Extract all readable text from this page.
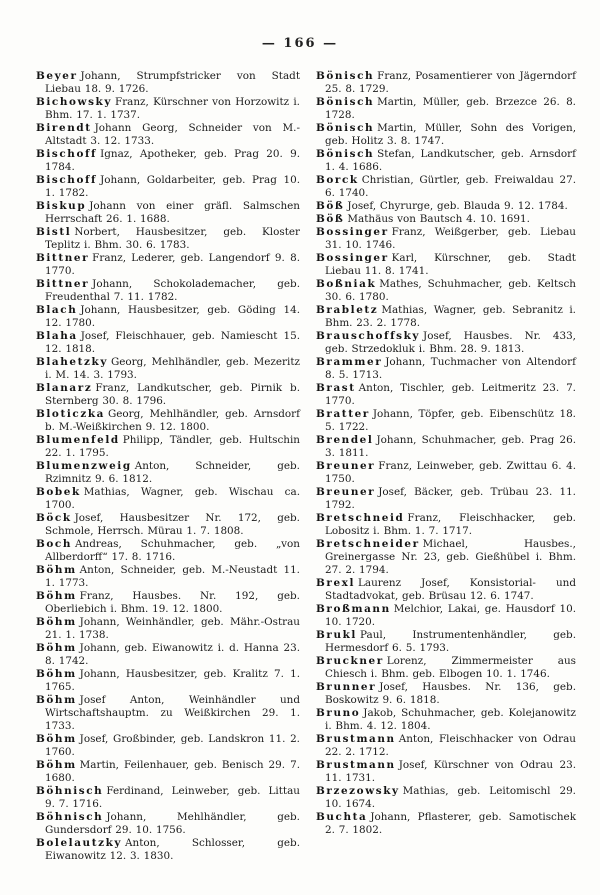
— 166 —

Beyer Johann, Strumpfstricker von Stadt Liebau 18. 9. 1726.

Bichowsky Franz, Kürschner von Horzowitz i. Bhm. 17. 1. 1737.

Birendt Johann Georg, Schneider von M.-Altstadt 3. 12. 1733.

Bischoff Ignaz, Apotheker, geb. Prag 20. 9. 1784.

Bischoff Johann, Goldarbeiter, geb. Prag 10. 1. 1782.

Biskup Johann von einer gräfl. Salmschen Herrschaft 26. 1. 1688.

Bistl Norbert, Hausbesitzer, geb. Kloster Teplitz i. Bhm. 30. 6. 1783.

Bittner Franz, Lederer, geb. Langendorf 9. 8. 1770.

Bittner Johann, Schokolademacher, geb. Freudenthal 7. 11. 1782.

Blach Johann, Hausbesitzer, geb. Göding 14. 12. 1780.

Blaha Josef, Fleischhauer, geb. Namiescht 15. 12. 1818.

Blahetzky Georg, Mehlhändler, geb. Mezeritz i. M. 14. 3. 1793.

Blanarz Franz, Landkutscher, geb. Pirnik b. Sternberg 30. 8. 1796.

Bloticzka Georg, Mehlhändler, geb. Arnsdorf b. M.-Weißkirchen 9. 12. 1800.

Blumenfeld Philipp, Tändler, geb. Hultschin 22. 1. 1795.

Blumenzweig Anton, Schneider, geb. Rzimnitz 9. 6. 1812.

Bobek Mathias, Wagner, geb. Wischau ca. 1700.

Böck Josef, Hausbesitzer Nr. 172, geb. Schmole, Herrsch. Mürau 1. 7. 1808.

Boch Andreas, Schuhmacher, geb. „von Allberdorff“ 17. 8. 1716.

Böhm Anton, Schneider, geb. M.-Neustadt 11. 1. 1773.

Böhm Franz, Hausbes. Nr. 192, geb. Oberliebich i. Bhm. 19. 12. 1800.

Böhm Johann, Weinhändler, geb. Mähr.-Ostrau 21. 1. 1738.

Böhm Johann, geb. Eiwanowitz i. d. Hanna 23. 8. 1742.

Böhm Johann, Hausbesitzer, geb. Kralitz 7. 1. 1765.

Böhm Josef Anton, Weinhändler und Wirtschaftshauptm. zu Weißkirchen 29. 1. 1733.

Böhm Josef, Großbinder, geb. Landskron 11. 2. 1760.

Böhm Martin, Feilenhauer, geb. Benisch 29. 7. 1680.

Böhnisch Ferdinand, Leinweber, geb. Littau 9. 7. 1716.

Böhnisch Johann, Mehlhändler, geb. Gundersdorf 29. 10. 1756.

Bolelautzky Anton, Schlosser, geb. Eiwanowitz 12. 3. 1830.

Bönisch Franz, Posamentierer von Jägerndorf 25. 8. 1729.

Bönisch Martin, Müller, geb. Brzezce 26. 8. 1728.

Bönisch Martin, Müller, Sohn des Vorigen, geb. Holitz 3. 8. 1747.

Bönisch Stefan, Landkutscher, geb. Arnsdorf 1. 4. 1686.

Borck Christian, Gürtler, geb. Freiwaldau 27. 6. 1740.

Böß Josef, Chyrurge, geb. Blauda 9. 12. 1784.

Böß Mathäus von Bautsch 4. 10. 1691.

Bossinger Franz, Weißgerber, geb. Liebau 31. 10. 1746.

Bossinger Karl, Kürschner, geb. Stadt Liebau 11. 8. 1741.

Boßniak Mathes, Schuhmacher, geb. Keltsch 30. 6. 1780.

Brabletz Mathias, Wagner, geb. Sebranitz i. Bhm. 23. 2. 1778.

Brauschoffsky Josef, Hausbes. Nr. 433, geb. Strzedokluk i. Bhm. 28. 9. 1813.

Brammer Johann, Tuchmacher von Altendorf 8. 5. 1713.

Brast Anton, Tischler, geb. Leitmeritz 23. 7. 1770.

Bratter Johann, Töpfer, geb. Eibenschütz 18. 5. 1722.

Brendel Johann, Schuhmacher, geb. Prag 26. 3. 1811.

Breuner Franz, Leinweber, geb. Zwittau 6. 4. 1750.

Breuner Josef, Bäcker, geb. Trübau 23. 11. 1792.

Bretschneid Franz, Fleischhacker, geb. Lobositz i. Bhm. 1. 7. 1717.

Bretschneider Michael, Hausbes., Greinergasse Nr. 23, geb. Gießhübel i. Bhm. 27. 2. 1794.

Brexl Laurenz Josef, Konsistorial- und Stadtadvokat, geb. Brüsau 12. 6. 1747.

Broßmann Melchior, Lakai, ge. Hausdorf 10. 10. 1720.

Brukl Paul, Instrumentenhändler, geb. Hermesdorf 6. 5. 1793.

Bruckner Lorenz, Zimmermeister aus Chiesch i. Bhm. geb. Elbogen 10. 1. 1746.

Brunner Josef, Hausbes. Nr. 136, geb. Boskowitz 9. 6. 1818.

Bruno Jakob, Schuhmacher, geb. Kolejanowitz i. Bhm. 4. 12. 1804.

Brustmann Anton, Fleischhacker von Odrau 22. 2. 1712.

Brustmann Josef, Kürschner von Odrau 23. 11. 1731.

Brzezowsky Mathias, geb. Leitomischl 29. 10. 1674.

Buchta Johann, Pflasterer, geb. Samotischek 2. 7. 1802.
